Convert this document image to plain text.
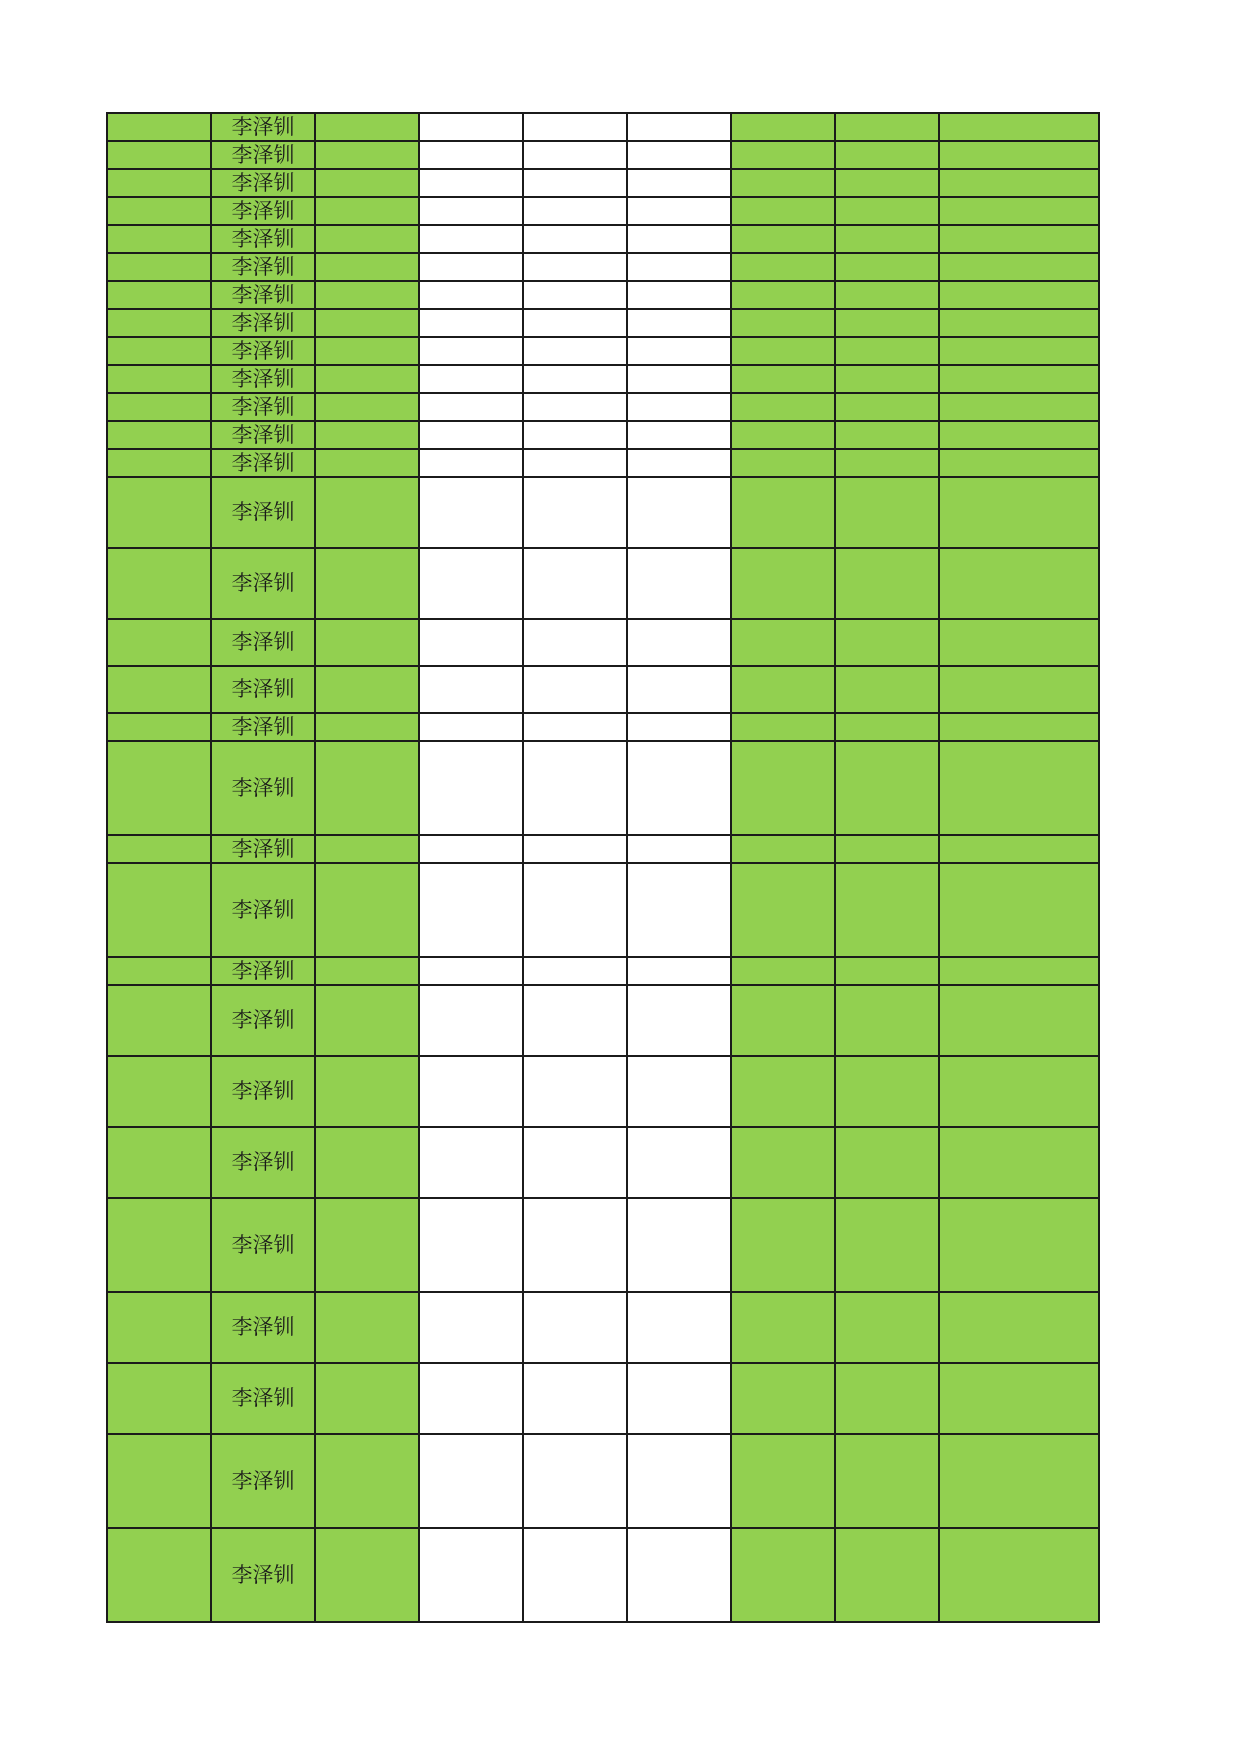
	李泽钏							
	李泽钏							
	李泽钏							
	李泽钏							
	李泽钏							
	李泽钏							
	李泽钏							
	李泽钏							
	李泽钏							
	李泽钏							
	李泽钏							
	李泽钏							
	李泽钏							
	李泽钏							
	李泽钏							
	李泽钏							
	李泽钏							
	李泽钏							
	李泽钏							
	李泽钏							
	李泽钏							
	李泽钏							
	李泽钏							
	李泽钏							
	李泽钏							
	李泽钏							
	李泽钏							
	李泽钏							
	李泽钏							
	李泽钏							
